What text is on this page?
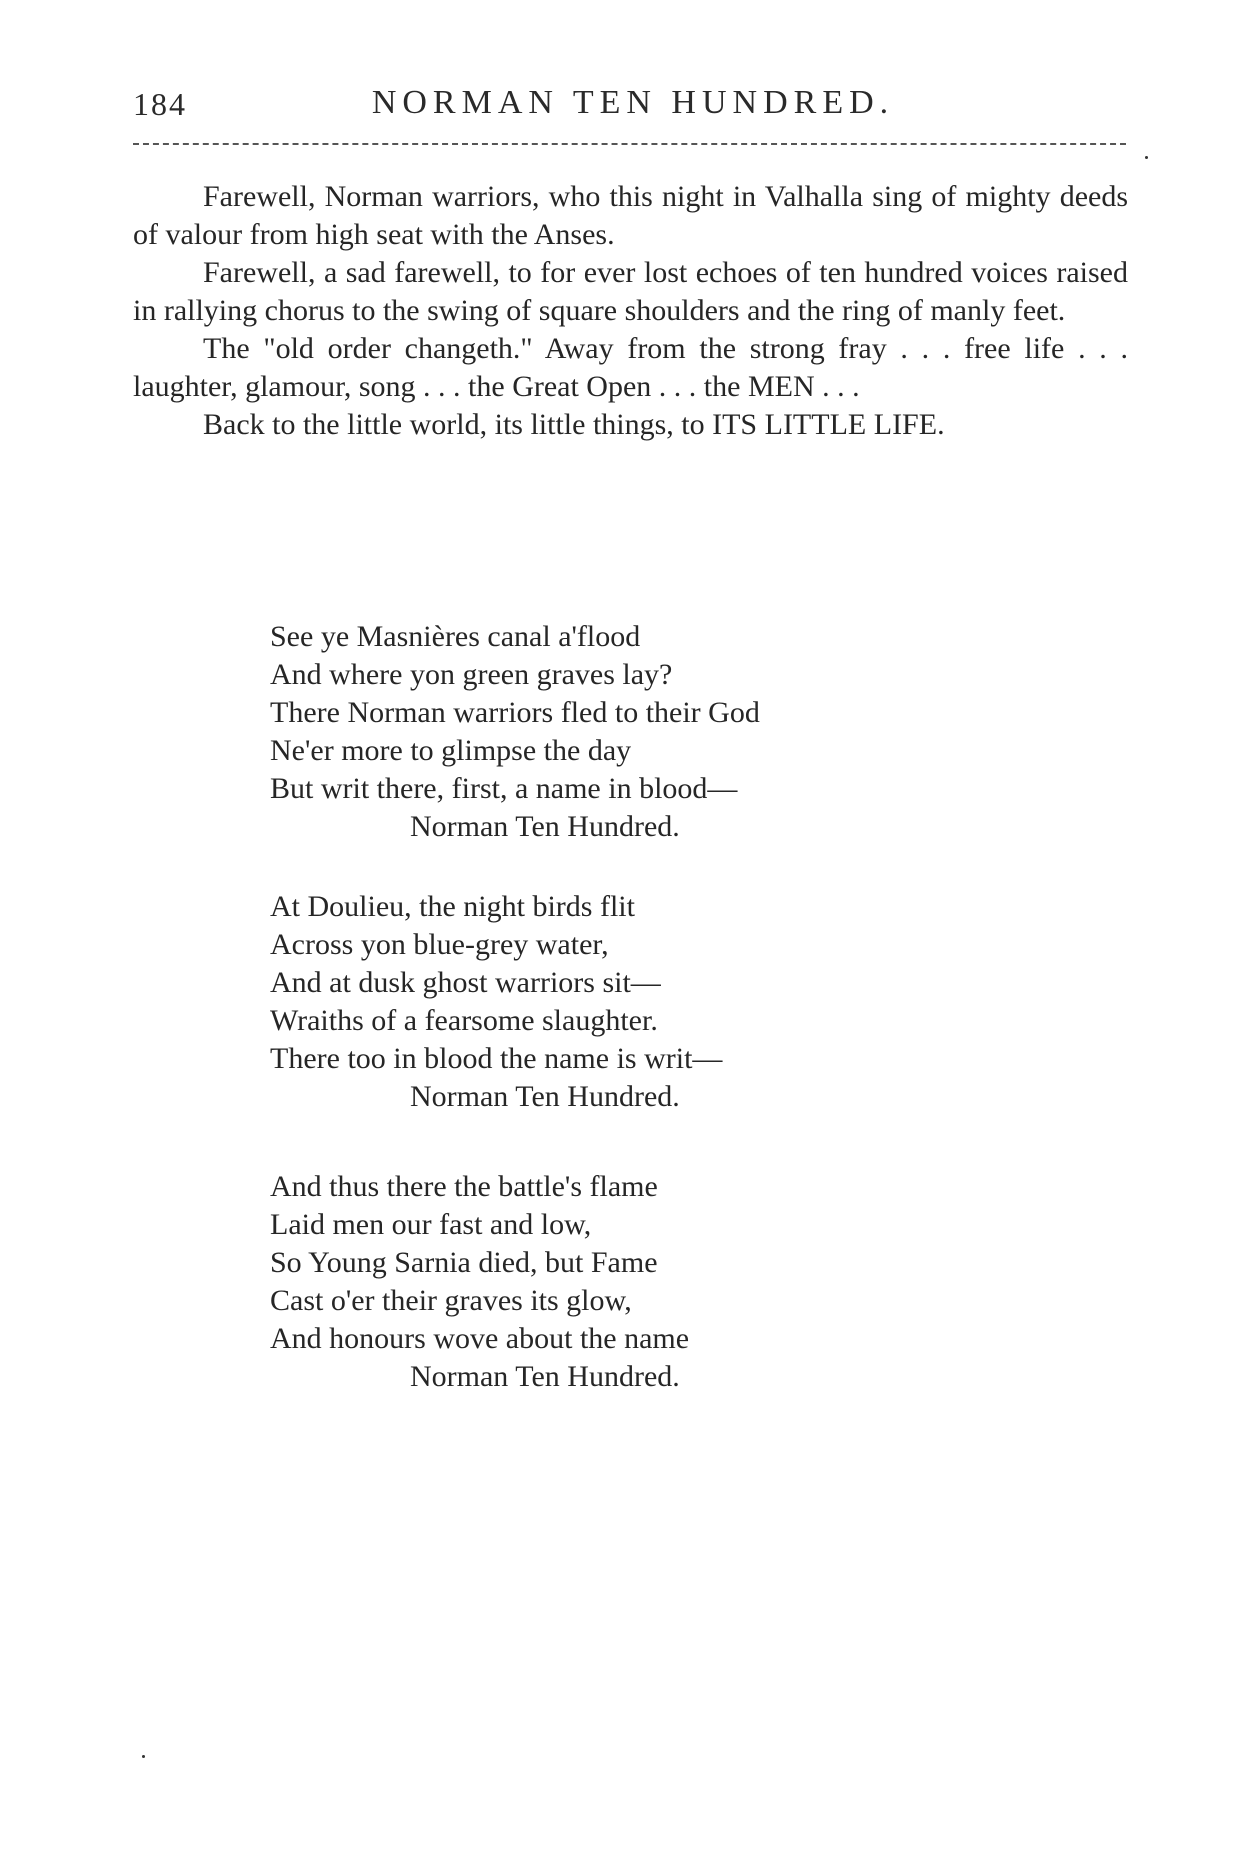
184	NORMAN TEN HUNDRED.

Farewell, Norman warriors, who this night in Valhalla sing of mighty deeds of valour from high seat with the Anses.

Farewell, a sad farewell, to for ever lost echoes of ten hundred voices raised in rallying chorus to the swing of square shoulders and the ring of manly feet.

The "old order changeth." Away from the strong fray . . . free life . . . laughter, glamour, song . . . the Great Open . . . the MEN . . .

Back to the little world, its little things, to ITS LITTLE LIFE.

See ye Masnières canal a'flood
And where yon green graves lay?
There Norman warriors fled to their God
Ne'er more to glimpse the day
But writ there, first, a name in blood—
Norman Ten Hundred.
At Doulieu, the night birds flit
Across yon blue-grey water,
And at dusk ghost warriors sit—
Wraiths of a fearsome slaughter.
There too in blood the name is writ—
Norman Ten Hundred.
And thus there the battle's flame
Laid men our fast and low,
So Young Sarnia died, but Fame
Cast o'er their graves its glow,
And honours wove about the name
Norman Ten Hundred.
